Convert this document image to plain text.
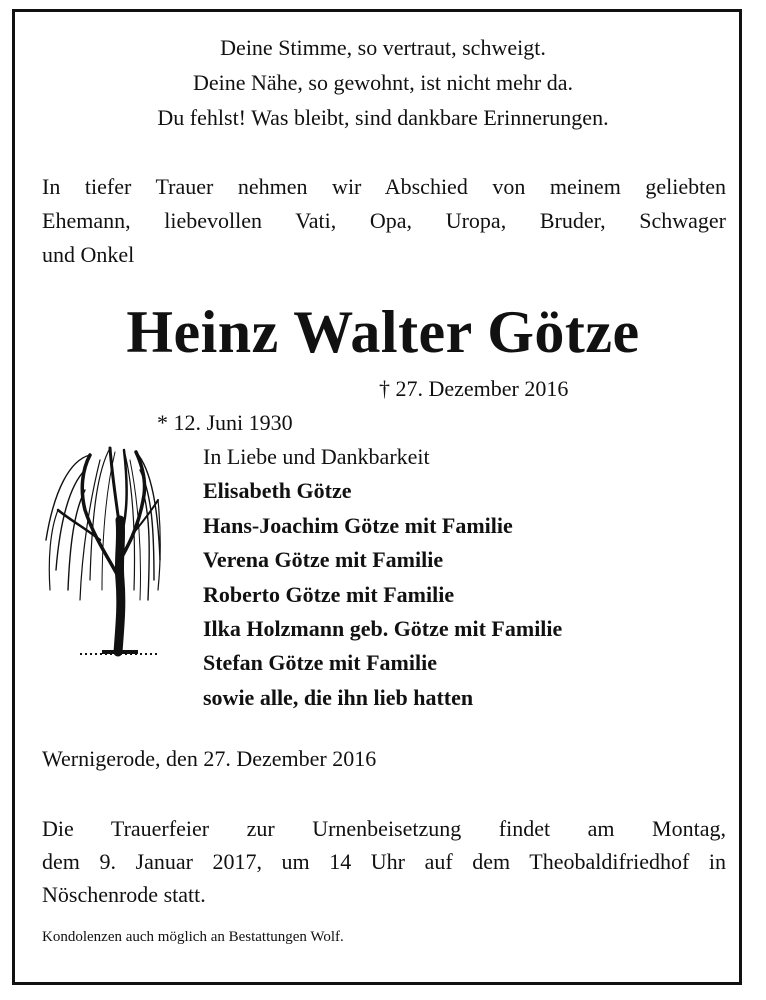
Deine Stimme, so vertraut, schweigt.
Deine Nähe, so gewohnt, ist nicht mehr da.
Du fehlst! Was bleibt, sind dankbare Erinnerungen.
In tiefer Trauer nehmen wir Abschied von meinem geliebten
Ehemann, liebevollen Vati, Opa, Uropa, Bruder, Schwager
und Onkel
Heinz Walter Götze

* 12. Juni 1930

† 27. Dezember 2016

In Liebe und Dankbarkeit
Elisabeth Götze
Hans-Joachim Götze mit Familie
Verena Götze mit Familie
Roberto Götze mit Familie
Ilka Holzmann geb. Götze mit Familie
Stefan Götze mit Familie
sowie alle, die ihn lieb hatten
Wernigerode, den 27. Dezember 2016
Die Trauerfeier zur Urnenbeisetzung findet am Montag,
dem 9. Januar 2017, um 14 Uhr auf dem Theobaldifriedhof in
Nöschenrode statt.
Kondolenzen auch möglich an Bestattungen Wolf.
